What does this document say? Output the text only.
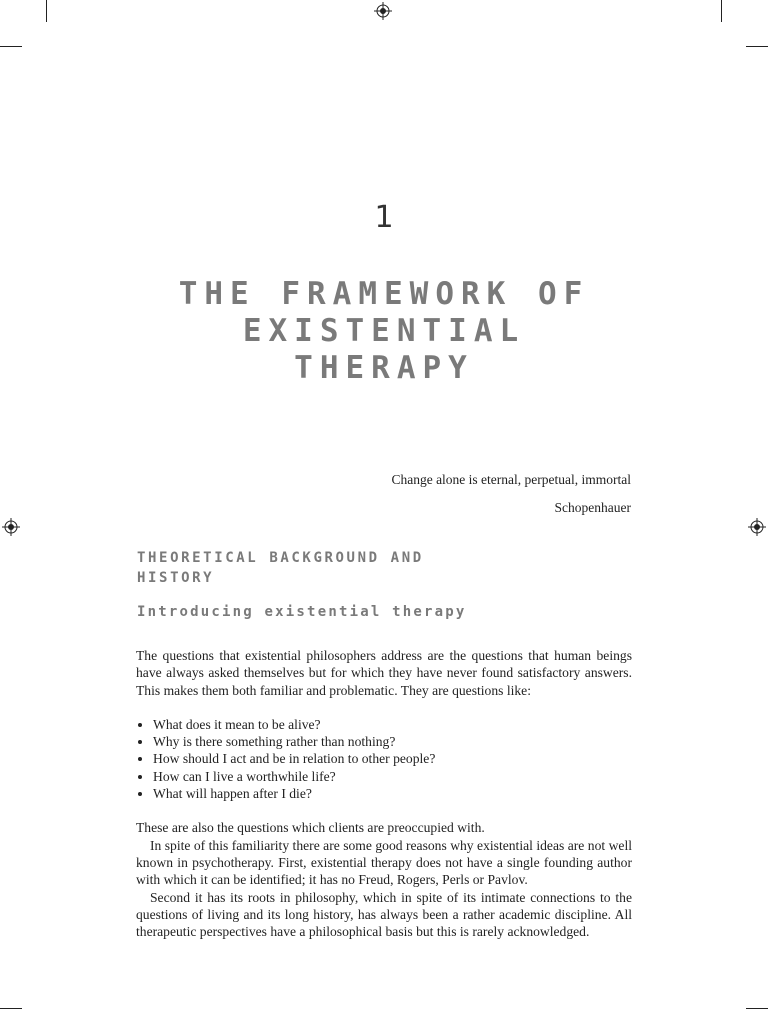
1
THE FRAMEWORK OF
EXISTENTIAL
THERAPY

Change alone is eternal, perpetual, immortal

Schopenhauer

THEORETICAL BACKGROUND AND HISTORY
Introducing existential therapy

The questions that existential philosophers address are the questions that human beings have always asked themselves but for which they have never found satisfactory answers. This makes them both familiar and problematic. They are questions like:

• What does it mean to be alive?
• Why is there something rather than nothing?
• How should I act and be in relation to other people?
• How can I live a worthwhile life?
• What will happen after I die?

These are also the questions which clients are preoccupied with.

In spite of this familiarity there are some good reasons why existential ideas are not well known in psychotherapy. First, existential therapy does not have a single founding author with which it can be identified; it has no Freud, Rogers, Perls or Pavlov.

Second it has its roots in philosophy, which in spite of its intimate connections to the questions of living and its long history, has always been a rather academic discipline. All therapeutic perspectives have a philosophical basis but this is rarely acknowledged.
